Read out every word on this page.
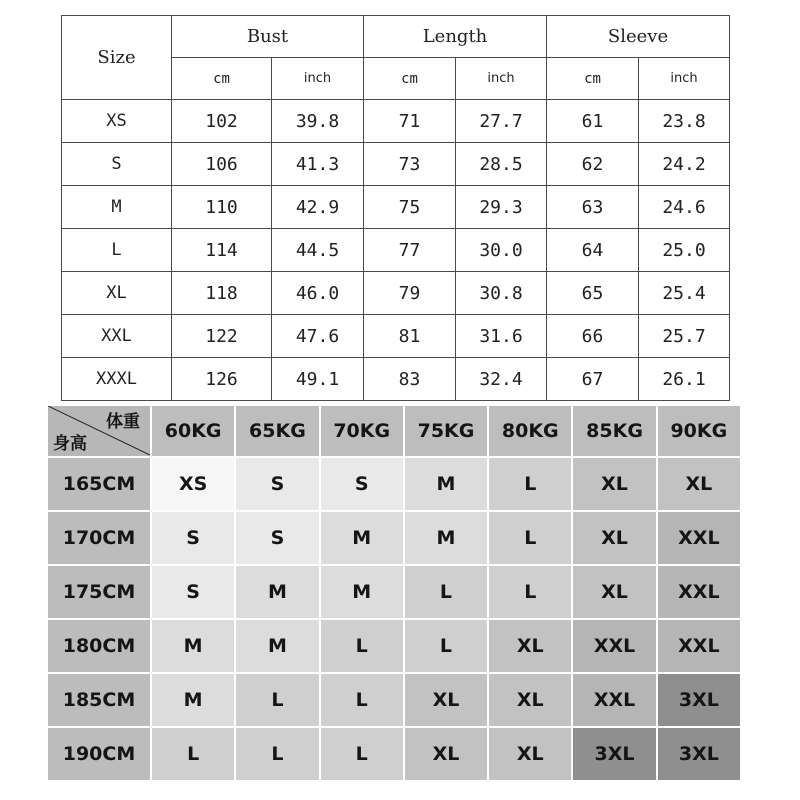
Size	Bust		Length		Sleeve	
	cm	inch	cm	inch	cm	inch
XS	102	39.8	71	27.7	61	23.8
S	106	41.3	73	28.5	62	24.2
M	110	42.9	75	29.3	63	24.6
L	114	44.5	77	30.0	64	25.0
XL	118	46.0	79	30.8	65	25.4
XXL	122	47.6	81	31.6	66	25.7
XXXL	126	49.1	83	32.4	67	26.1
体重
身高	60KG	65KG	70KG	75KG	80KG	85KG	90KG
165CM	XS	S	S	M	L	XL	XL
170CM	S	S	M	M	L	XL	XXL
175CM	S	M	M	L	L	XL	XXL
180CM	M	M	L	L	XL	XXL	XXL
185CM	M	L	L	XL	XL	XXL	3XL
190CM	L	L	L	XL	XL	3XL	3XL
